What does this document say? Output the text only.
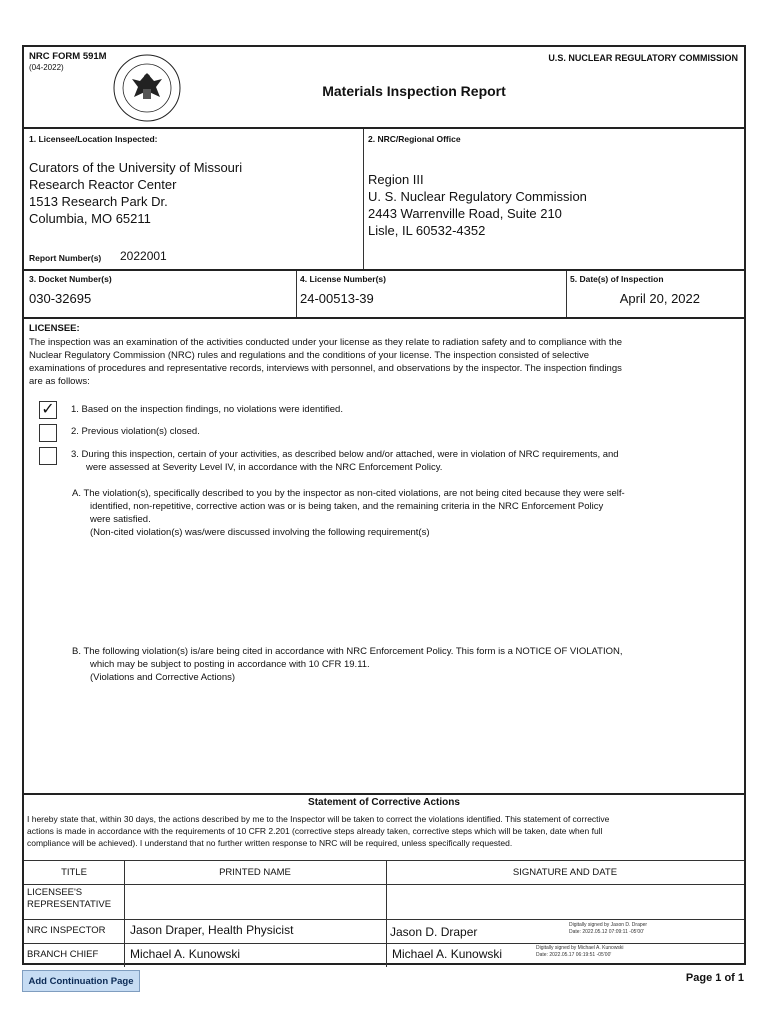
NRC FORM 591M
(04-2022)
U.S. NUCLEAR REGULATORY COMMISSION
Materials Inspection Report
1. Licensee/Location Inspected:
Curators of the University of Missouri
Research Reactor Center
1513 Research Park Dr.
Columbia, MO 65211
Report Number(s) 2022001
2. NRC/Regional Office
Region III
U. S. Nuclear Regulatory Commission
2443 Warrenville Road, Suite 210
Lisle, IL 60532-4352
3. Docket Number(s)
030-32695
4. License Number(s)
24-00513-39
5. Date(s) of Inspection
April 20, 2022
LICENSEE:
The inspection was an examination of the activities conducted under your license as they relate to radiation safety and to compliance with the
Nuclear Regulatory Commission (NRC) rules and regulations and the conditions of your license. The inspection consisted of selective
examinations of procedures and representative records, interviews with personnel, and observations by the inspector. The inspection findings
are as follows:
✓ 1. Based on the inspection findings, no violations were identified.
2. Previous violation(s) closed.
3. During this inspection, certain of your activities, as described below and/or attached, were in violation of NRC requirements, and
were assessed at Severity Level IV, in accordance with the NRC Enforcement Policy.
A. The violation(s), specifically described to you by the inspector as non-cited violations, are not being cited because they were self-
identified, non-repetitive, corrective action was or is being taken, and the remaining criteria in the NRC Enforcement Policy
were satisfied.
(Non-cited violation(s) was/were discussed involving the following requirement(s)
B. The following violation(s) is/are being cited in accordance with NRC Enforcement Policy. This form is a NOTICE OF VIOLATION,
which may be subject to posting in accordance with 10 CFR 19.11.
(Violations and Corrective Actions)
Statement of Corrective Actions
I hereby state that, within 30 days, the actions described by me to the Inspector will be taken to correct the violations identified. This statement of corrective
actions is made in accordance with the requirements of 10 CFR 2.201 (corrective steps already taken, corrective steps which will be taken, date when full
compliance will be achieved). I understand that no further written response to NRC will be required, unless specifically requested.
TITLE	PRINTED NAME	SIGNATURE AND DATE
LICENSEE'S REPRESENTATIVE
NRC INSPECTOR Jason Draper, Health Physicist	Jason D. Draper	Digitally signed by Jason D. Draper
Date: 2022.05.12 07:09:11 -05'00'
BRANCH CHIEF	Michael A. Kunowski	Michael A. Kunowski	Digitally signed by Michael A. Kunowski
Date: 2022.05.17 06:19:51 -05'00'
Add Continuation Page	Page 1 of 1
